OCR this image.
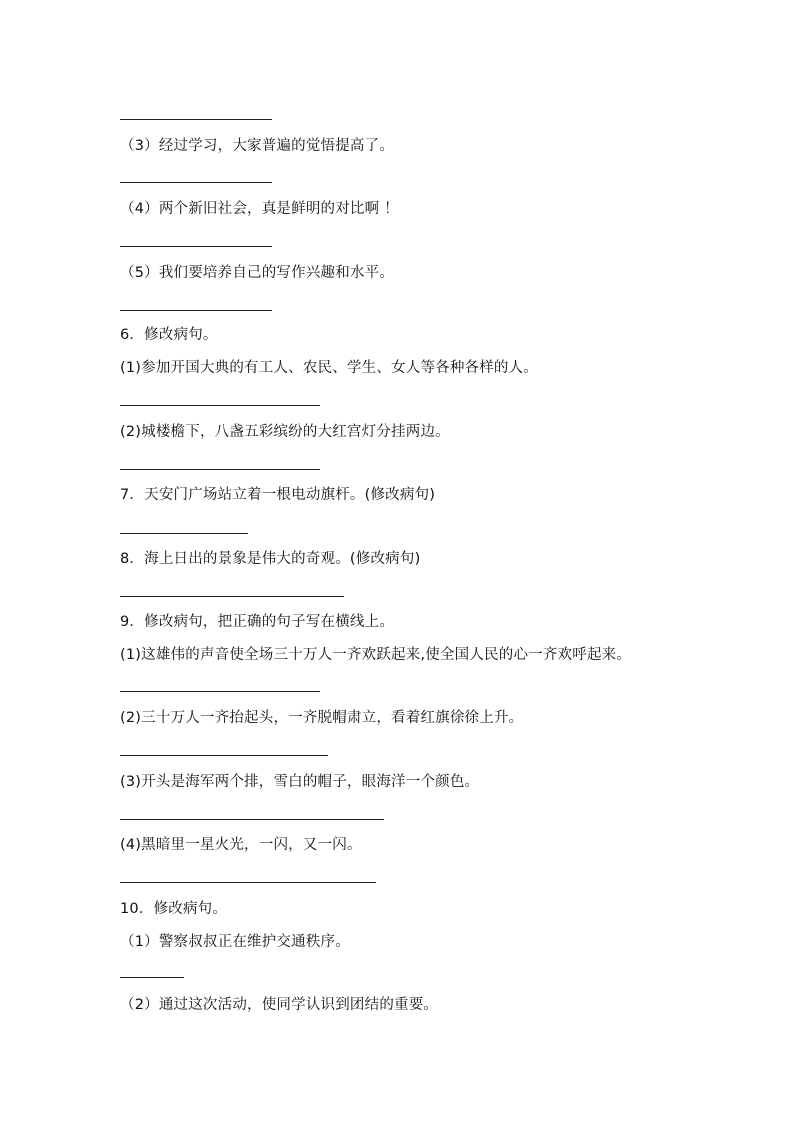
（3）经过学习，大家普遍的觉悟提高了。
（4）两个新旧社会，真是鲜明的对比啊 ！
（5）我们要培养自己的写作兴趣和水平。
6．修改病句。
(1)参加开国大典的有工人、农民、学生、女人等各种各样的人。
(2)城楼檐下，八盏五彩缤纷的大红宫灯分挂两边。
7．天安门广场站立着一根电动旗杆。(修改病句)
8．海上日出的景象是伟大的奇观。(修改病句)
9．修改病句，把正确的句子写在横线上。
(1)这雄伟的声音使全场三十万人一齐欢跃起来,使全国人民的心一齐欢呼起来。
(2)三十万人一齐抬起头，一齐脱帽肃立，看着红旗徐徐上升。
(3)开头是海军两个排，雪白的帽子，眼海洋一个颜色。
(4)黑暗里一星火光，一闪，又一闪。
10．修改病句。
（1）警察叔叔正在维护交通秩序。
（2）通过这次活动，使同学认识到团结的重要。
